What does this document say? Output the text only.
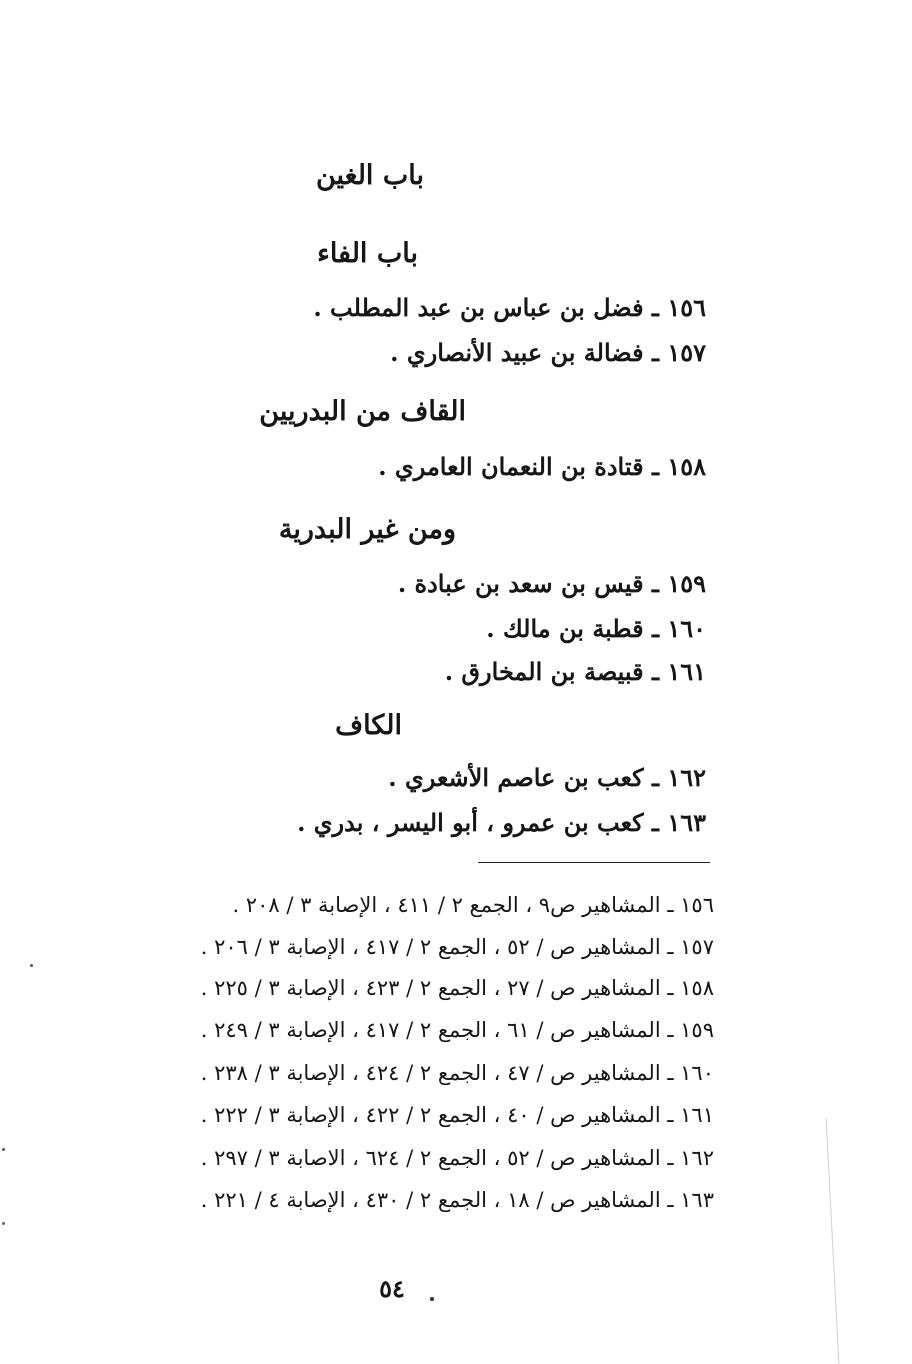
باب الغين
باب الفاء
١٥٦ ـ فضل بن عباس بن عبد المطلب .
١٥٧ ـ فضالة بن عبيد الأنصاري .
القاف من البدريين
١٥٨ ـ قتادة بن النعمان العامري .
ومن غير البدرية
١٥٩ ـ قيس بن سعد بن عبادة .
١٦٠ ـ قطبة بن مالك .
١٦١ ـ قبيصة بن المخارق .
الكاف
١٦٢ ـ كعب بن عاصم الأشعري .
١٦٣ ـ كعب بن عمرو ، أبو اليسر ، بدري .
١٥٦ ـ المشاهير ص٩ ، الجمع ٢ / ٤١١ ، الإصابة ٣ / ٢٠٨ .
١٥٧ ـ المشاهير ص / ٥٢ ، الجمع ٢ / ٤١٧ ، الإصابة ٣ / ٢٠٦ .
١٥٨ ـ المشاهير ص / ٢٧ ، الجمع ٢ / ٤٢٣ ، الإصابة ٣ / ٢٢٥ .
١٥٩ ـ المشاهير ص / ٦١ ، الجمع ٢ / ٤١٧ ، الإصابة ٣ / ٢٤٩ .
١٦٠ ـ المشاهير ص / ٤٧ ، الجمع ٢ / ٤٢٤ ، الإصابة ٣ / ٢٣٨ .
١٦١ ـ المشاهير ص / ٤٠ ، الجمع ٢ / ٤٢٢ ، الإصابة ٣ / ٢٢٢ .
١٦٢ ـ المشاهير ص / ٥٢ ، الجمع ٢ / ٦٢٤ ، الاصابة ٣ / ٢٩٧ .
١٦٣ ـ المشاهير ص / ١٨ ، الجمع ٢ / ٤٣٠ ، الإصابة ٤ / ٢٢١ .
٥٤
